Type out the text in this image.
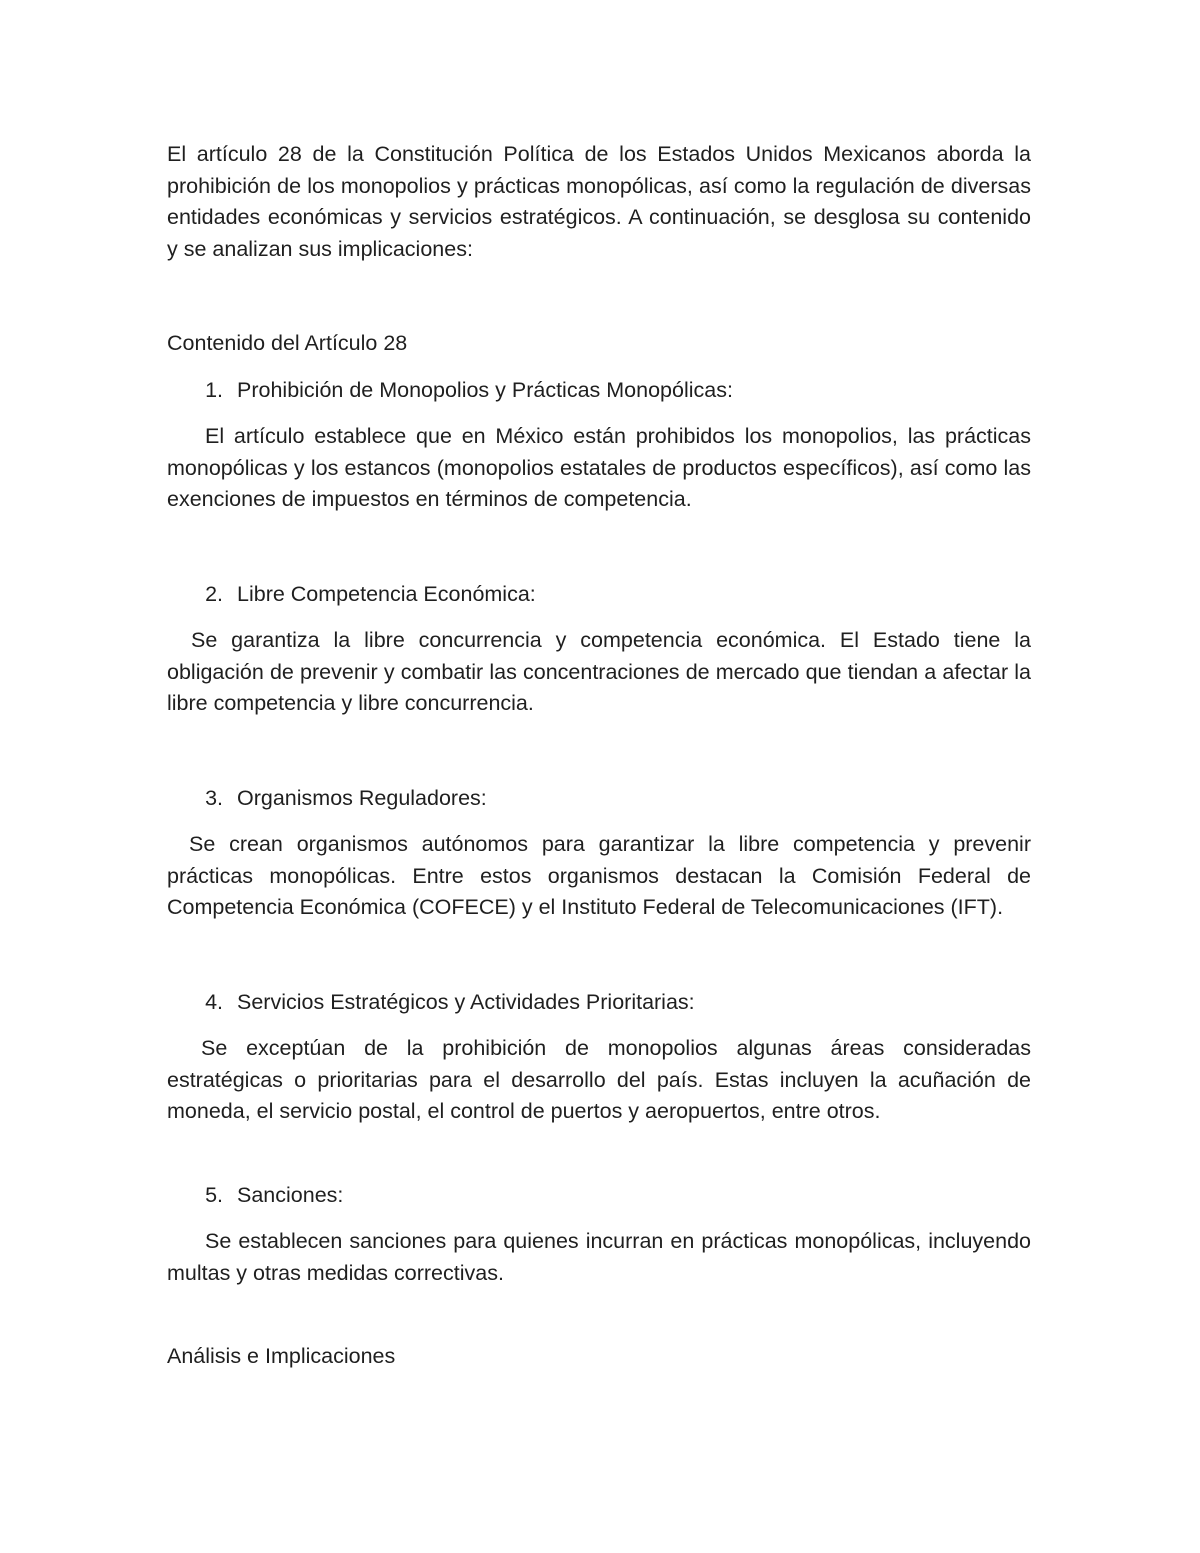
El artículo 28 de la Constitución Política de los Estados Unidos Mexicanos aborda la prohibición de los monopolios y prácticas monopólicas, así como la regulación de diversas entidades económicas y servicios estratégicos. A continuación, se desglosa su contenido y se analizan sus implicaciones:

Contenido del Artículo 28

1. Prohibición de Monopolios y Prácticas Monopólicas:

El artículo establece que en México están prohibidos los monopolios, las prácticas monopólicas y los estancos (monopolios estatales de productos específicos), así como las exenciones de impuestos en términos de competencia.

2. Libre Competencia Económica:

Se garantiza la libre concurrencia y competencia económica. El Estado tiene la obligación de prevenir y combatir las concentraciones de mercado que tiendan a afectar la libre competencia y libre concurrencia.

3. Organismos Reguladores:

Se crean organismos autónomos para garantizar la libre competencia y prevenir prácticas monopólicas. Entre estos organismos destacan la Comisión Federal de Competencia Económica (COFECE) y el Instituto Federal de Telecomunicaciones (IFT).

4. Servicios Estratégicos y Actividades Prioritarias:

Se exceptúan de la prohibición de monopolios algunas áreas consideradas estratégicas o prioritarias para el desarrollo del país. Estas incluyen la acuñación de moneda, el servicio postal, el control de puertos y aeropuertos, entre otros.

5. Sanciones:

Se establecen sanciones para quienes incurran en prácticas monopólicas, incluyendo multas y otras medidas correctivas.

Análisis e Implicaciones
